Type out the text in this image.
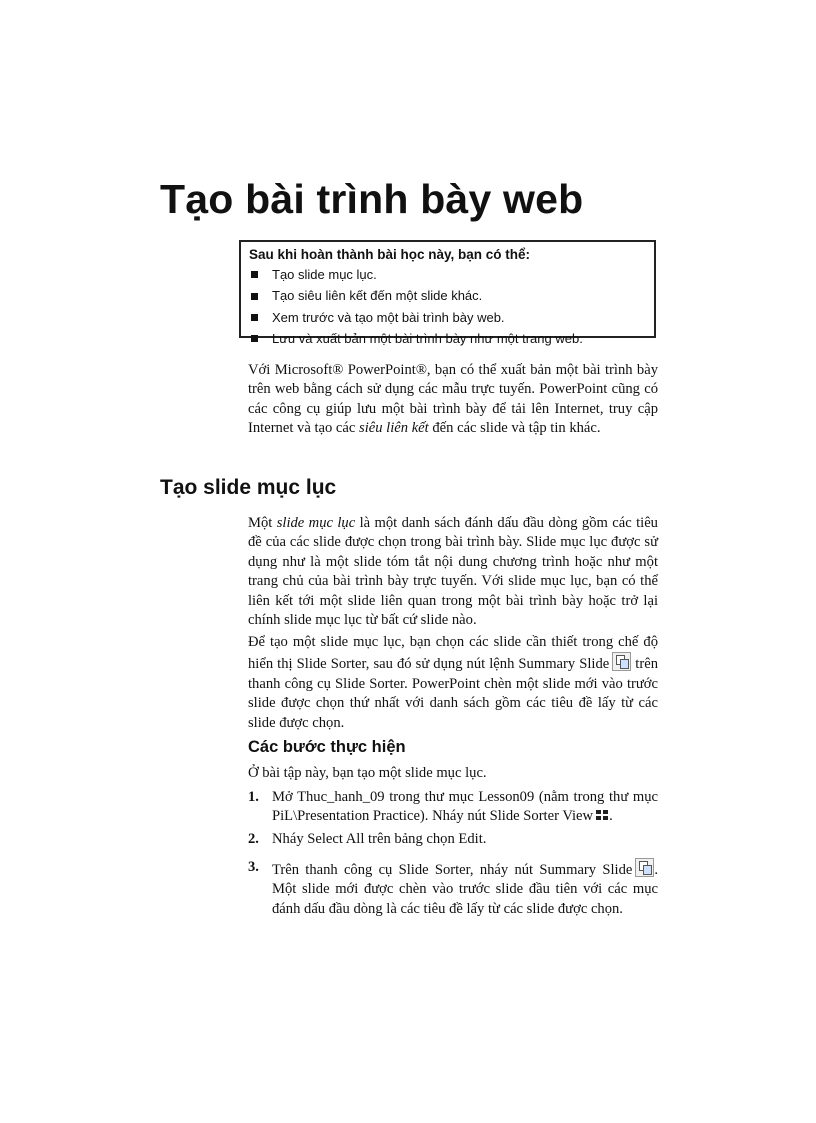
Tạo bài trình bày web
Sau khi hoàn thành bài học này, bạn có thể:
Tạo slide mục lục.
Tạo siêu liên kết đến một slide khác.
Xem trước và tạo một bài trình bày web.
Lưu và xuất bản một bài trình bày như một trang web.

Với Microsoft® PowerPoint®, bạn có thể xuất bản một bài trình bày trên web bằng cách sử dụng các mẫu trực tuyến. PowerPoint cũng có các công cụ giúp lưu một bài trình bày để tải lên Internet, truy cập Internet và tạo các siêu liên kết đến các slide và tập tin khác.

Tạo slide mục lục

Một slide mục lục là một danh sách đánh dấu đầu dòng gồm các tiêu đề của các slide được chọn trong bài trình bày. Slide mục lục được sử dụng như là một slide tóm tắt nội dung chương trình hoặc như một trang chủ của bài trình bày trực tuyến. Với slide mục lục, bạn có thể liên kết tới một slide liên quan trong một bài trình bày hoặc trở lại chính slide mục lục từ bất cứ slide nào.

Để tạo một slide mục lục, bạn chọn các slide cần thiết trong chế độ hiển thị Slide Sorter, sau đó sử dụng nút lệnh Summary Slide trên thanh công cụ Slide Sorter. PowerPoint chèn một slide mới vào trước slide được chọn thứ nhất với danh sách gồm các tiêu đề lấy từ các slide được chọn.

Các bước thực hiện

Ở bài tập này, bạn tạo một slide mục lục.

1. Mở Thuc_hanh_09 trong thư mục Lesson09 (nằm trong thư mục PiL\Presentation Practice). Nháy nút Slide Sorter View .
2. Nháy Select All trên bảng chọn Edit.
3. Trên thanh công cụ Slide Sorter, nháy nút Summary Slide . Một slide mới được chèn vào trước slide đầu tiên với các mục đánh dấu đầu dòng là các tiêu đề lấy từ các slide được chọn.
